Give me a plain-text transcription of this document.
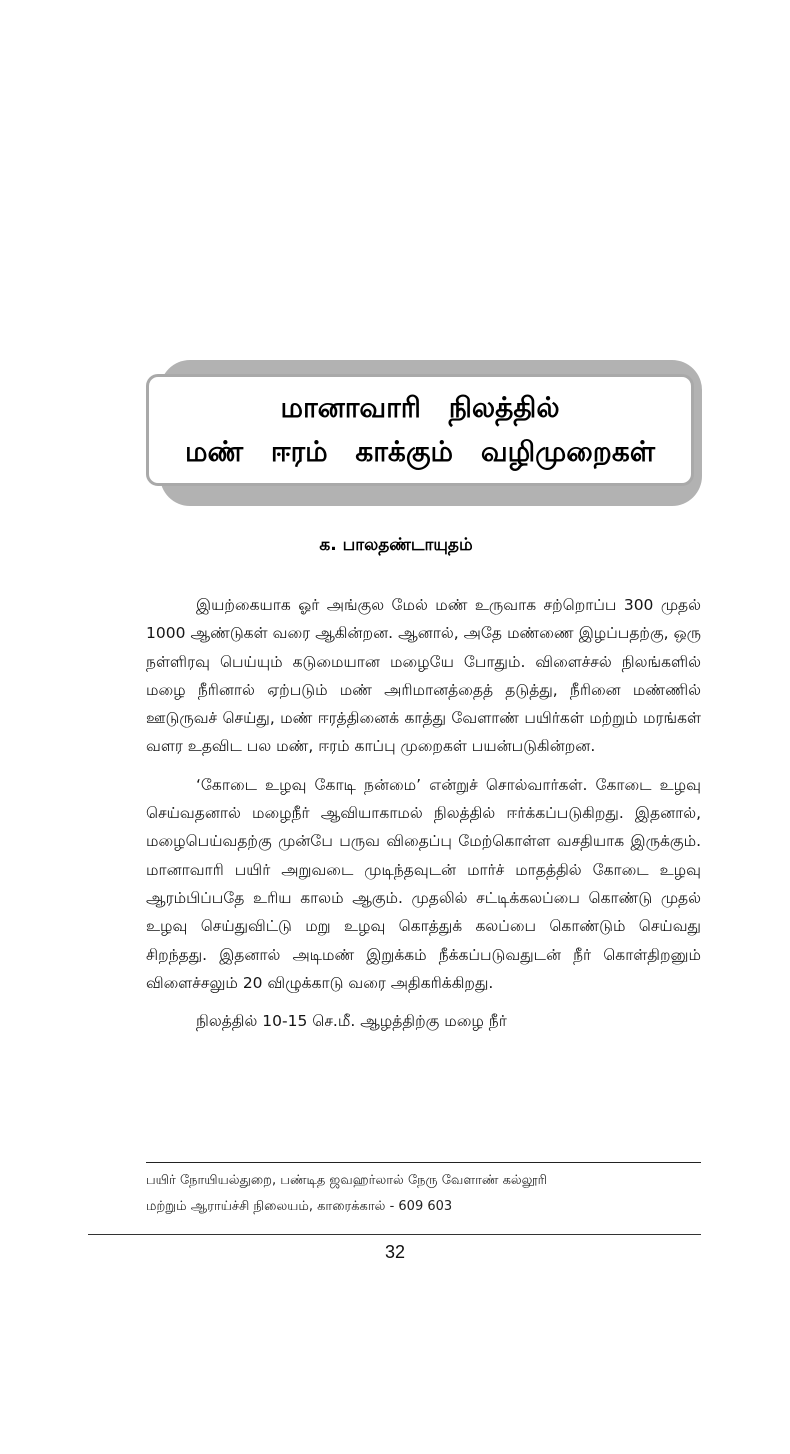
மானாவாரி நிலத்தில்
மண் ஈரம் காக்கும் வழிமுறைகள்
க. பாலதண்டாயுதம்

இயற்கையாக ஓர் அங்குல மேல் மண் உருவாக சற்றொப்ப 300 முதல் 1000 ஆண்டுகள் வரை ஆகின்றன. ஆனால், அதே மண்ணை இழப்பதற்கு, ஒரு நள்ளிரவு பெய்யும் கடுமையான மழையே போதும். விளைச்சல் நிலங்களில் மழை நீரினால் ஏற்படும் மண் அரிமானத்தைத் தடுத்து, நீரினை மண்ணில் ஊடுருவச் செய்து, மண் ஈரத்தினைக் காத்து வேளாண் பயிர்கள் மற்றும் மரங்கள் வளர உதவிட பல மண், ஈரம் காப்பு முறைகள் பயன்படுகின்றன.

‘கோடை உழவு கோடி நன்மை’ என்றுச் சொல்வார்கள். கோடை உழவு செய்வதனால் மழைநீர் ஆவியாகாமல் நிலத்தில் ஈர்க்கப்படுகிறது. இதனால், மழைபெய்வதற்கு முன்பே பருவ விதைப்பு மேற்கொள்ள வசதியாக இருக்கும். மானாவாரி பயிர் அறுவடை முடிந்தவுடன் மார்ச் மாதத்தில் கோடை உழவு ஆரம்பிப்பதே உரிய காலம் ஆகும். முதலில் சட்டிக்கலப்பை கொண்டு முதல் உழவு செய்துவிட்டு மறு உழவு கொத்துக் கலப்பை கொண்டும் செய்வது சிறந்தது. இதனால் அடிமண் இறுக்கம் நீக்கப்படுவதுடன் நீர் கொள்திறனும் விளைச்சலும் 20 விழுக்காடு வரை அதிகரிக்கிறது.

நிலத்தில் 10-15 செ.மீ. ஆழத்திற்கு மழை நீர்

பயிர் நோயியல்துறை, பண்டித ஜவஹர்லால் நேரு வேளாண் கல்லூரி
மற்றும் ஆராய்ச்சி நிலையம், காரைக்கால் - 609 603
32
